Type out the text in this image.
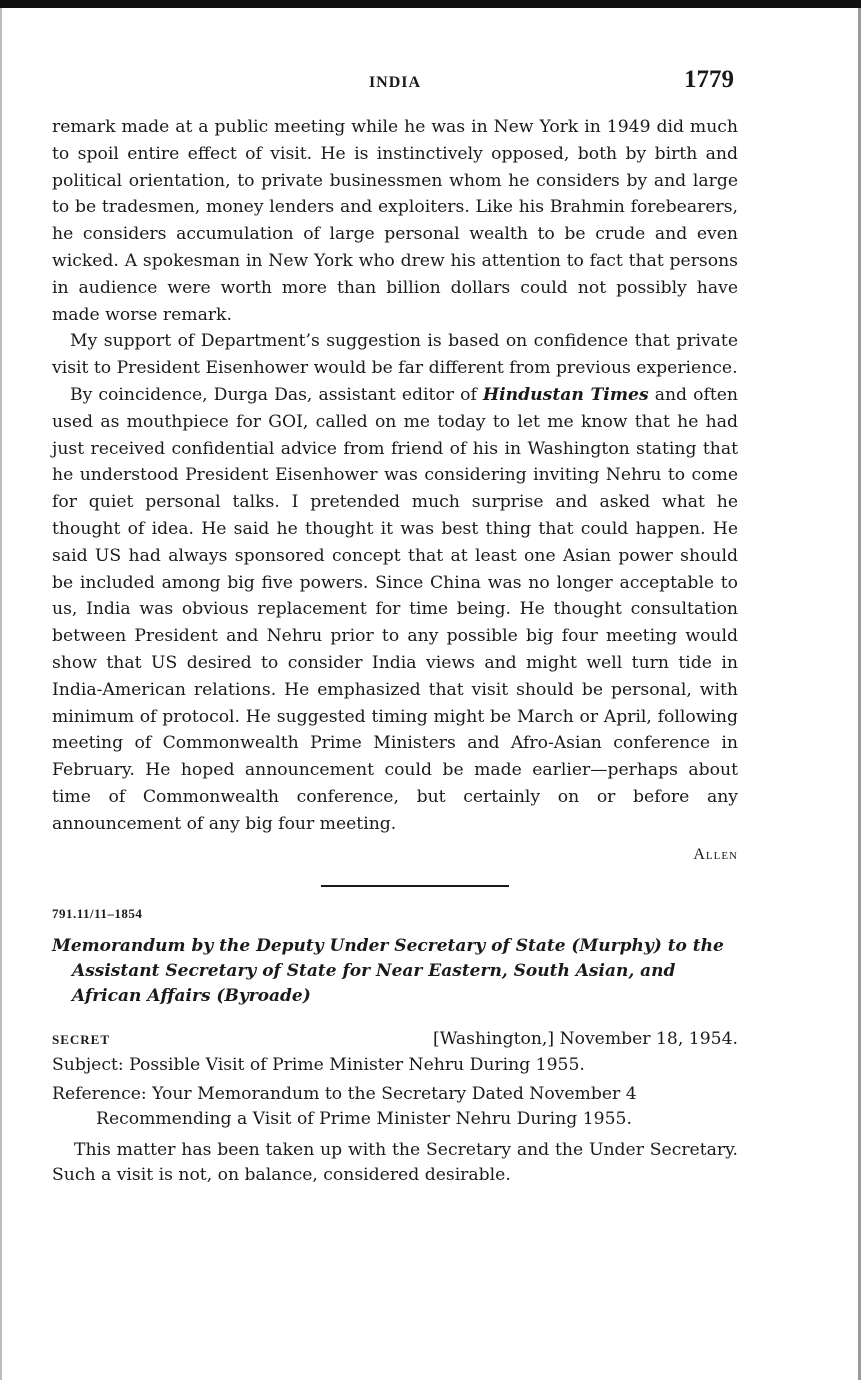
INDIA	1779

remark made at a public meeting while he was in New York in 1949 did much to spoil entire effect of visit. He is instinctively opposed, both by birth and political orientation, to private businessmen whom he considers by and large to be tradesmen, money lenders and exploiters. Like his Brahmin forebearers, he considers accumulation of large personal wealth to be crude and even wicked. A spokesman in New York who drew his attention to fact that persons in audience were worth more than billion dollars could not possibly have made worse remark.

My support of Department’s suggestion is based on confidence that private visit to President Eisenhower would be far different from previous experience.

By coincidence, Durga Das, assistant editor of Hindustan Times and often used as mouthpiece for GOI, called on me today to let me know that he had just received confidential advice from friend of his in Washington stating that he understood President Eisenhower was considering inviting Nehru to come for quiet personal talks. I pretended much surprise and asked what he thought of idea. He said he thought it was best thing that could happen. He said US had always sponsored concept that at least one Asian power should be included among big five powers. Since China was no longer acceptable to us, India was obvious replacement for time being. He thought consultation between President and Nehru prior to any possible big four meeting would show that US desired to consider India views and might well turn tide in India-American relations. He emphasized that visit should be personal, with minimum of protocol. He suggested timing might be March or April, following meeting of Commonwealth Prime Ministers and Afro-Asian conference in February. He hoped announcement could be made earlier—perhaps about time of Commonwealth conference, but certainly on or before any announcement of any big four meeting.

Allen
791.11/11–1854
Memorandum by the Deputy Under Secretary of State (Murphy) to the Assistant Secretary of State for Near Eastern, South Asian, and African Affairs (Byroade)
SECRET	[Washington,] November 18, 1954.
Subject: Possible Visit of Prime Minister Nehru During 1955.
Reference: Your Memorandum to the Secretary Dated November 4 Recommending a Visit of Prime Minister Nehru During 1955.
This matter has been taken up with the Secretary and the Under Secretary. Such a visit is not, on balance, considered desirable.
